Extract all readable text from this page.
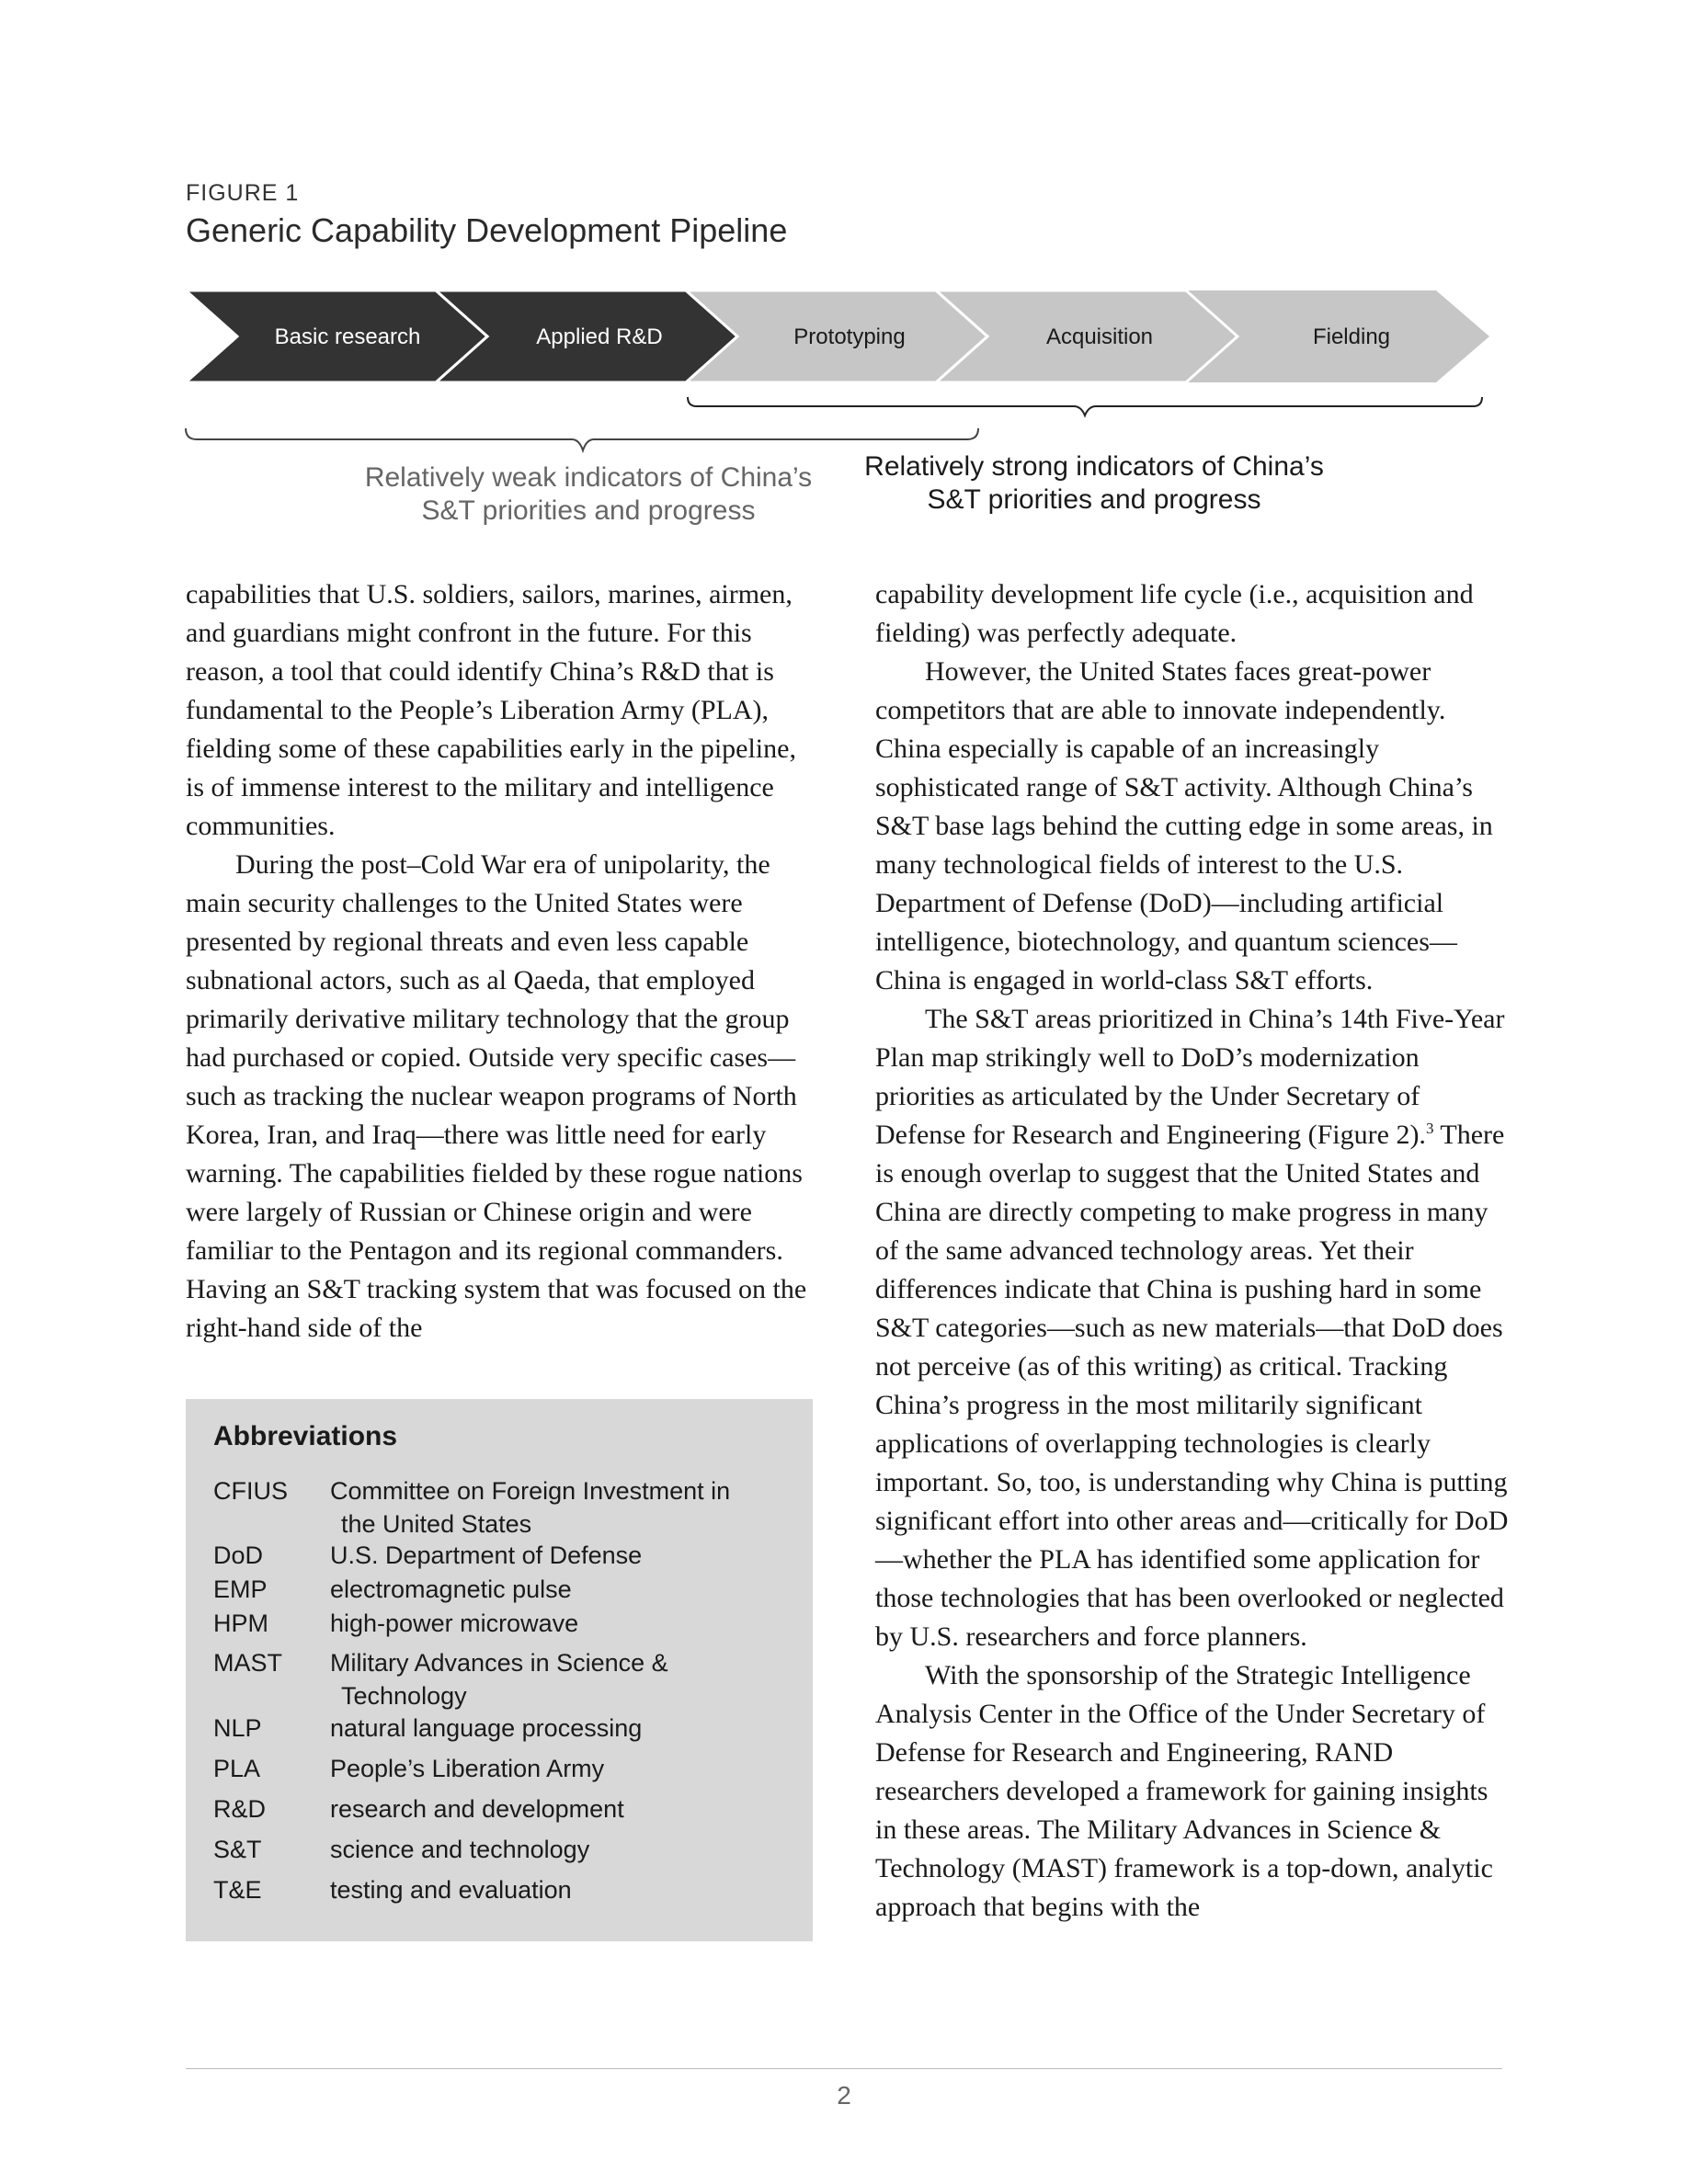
FIGURE 1
Generic Capability Development Pipeline
Basic research	Applied R&D	Prototyping	Acquisition	Fielding
Relatively weak indicators of China’s
S&T priorities and progress
Relatively strong indicators of China’s
S&T priorities and progress

capabilities that U.S. soldiers, sailors, marines, airmen, and guardians might confront in the future. For this reason, a tool that could identify China’s R&D that is fundamental to the People’s Liberation Army (PLA), fielding some of these capabilities early in the pipeline, is of immense interest to the military and intelligence communities.

During the post–Cold War era of unipolarity, the main security challenges to the United States were presented by regional threats and even less capable subnational actors, such as al Qaeda, that employed primarily derivative military technology that the group had purchased or copied. Outside very specific cases—such as tracking the nuclear weapon programs of North Korea, Iran, and Iraq—there was little need for early warning. The capabilities fielded by these rogue nations were largely of Russian or Chinese origin and were familiar to the Pentagon and its regional commanders. Having an S&T tracking system that was focused on the right-hand side of the

capability development life cycle (i.e., acquisition and fielding) was perfectly adequate.

However, the United States faces great-power competitors that are able to innovate independently. China especially is capable of an increasingly sophisticated range of S&T activity. Although China’s S&T base lags behind the cutting edge in some areas, in many technological fields of interest to the U.S. Department of Defense (DoD)—including artificial intelligence, biotechnology, and quantum sciences—China is engaged in world-class S&T efforts.

The S&T areas prioritized in China’s 14th Five-Year Plan map strikingly well to DoD’s modernization priorities as articulated by the Under Secretary of Defense for Research and Engineering (Figure 2).$^3$ There is enough overlap to suggest that the United States and China are directly competing to make progress in many of the same advanced technology areas. Yet their differences indicate that China is pushing hard in some S&T categories—such as new materials—that DoD does not perceive (as of this writing) as critical. Tracking China’s progress in the most militarily significant applications of overlapping technologies is clearly important. So, too, is understanding why China is putting significant effort into other areas and—critically for DoD—whether the PLA has identified some application for those technologies that has been overlooked or neglected by U.S. researchers and force planners.

With the sponsorship of the Strategic Intelligence Analysis Center in the Office of the Under Secretary of Defense for Research and Engineering, RAND researchers developed a framework for gaining insights in these areas. The Military Advances in Science & Technology (MAST) framework is a top-down, analytic approach that begins with the

Abbreviations
CFIUS	Committee on Foreign Investment in
the United States
DoD	U.S. Department of Defense
EMP	electromagnetic pulse
HPM	high-power microwave
MAST	Military Advances in Science &
Technology
NLP	natural language processing
PLA	People’s Liberation Army
R&D	research and development
S&T	science and technology
T&E	testing and evaluation
2
